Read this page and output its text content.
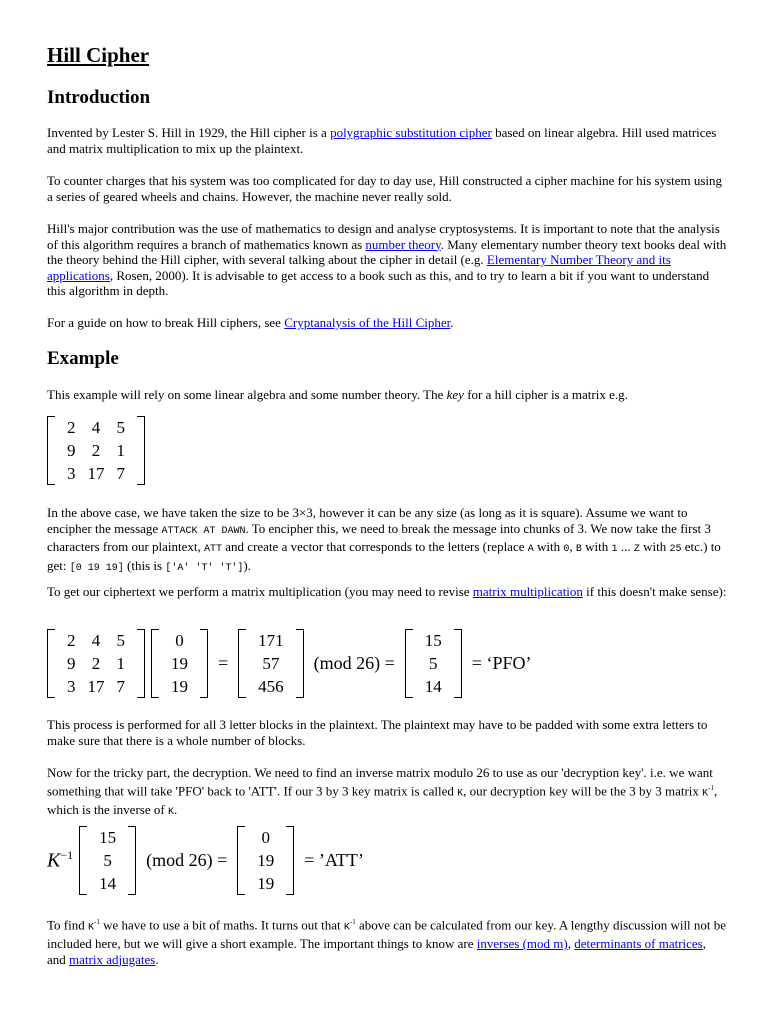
Hill Cipher
Introduction

Invented by Lester S. Hill in 1929, the Hill cipher is a polygraphic substitution cipher based on linear algebra. Hill used matrices and matrix multiplication to mix up the plaintext.

To counter charges that his system was too complicated for day to day use, Hill constructed a cipher machine for his system using a series of geared wheels and chains. However, the machine never really sold.

Hill's major contribution was the use of mathematics to design and analyse cryptosystems. It is important to note that the analysis of this algorithm requires a branch of mathematics known as number theory. Many elementary number theory text books deal with the theory behind the Hill cipher, with several talking about the cipher in detail (e.g. Elementary Number Theory and its applications, Rosen, 2000). It is advisable to get access to a book such as this, and to try to learn a bit if you want to understand this algorithm in depth.

For a guide on how to break Hill ciphers, see Cryptanalysis of the Hill Cipher.

Example

This example will rely on some linear algebra and some number theory. The key for a hill cipher is a matrix e.g.

2	4	5
9	2	1
3	17	7

In the above case, we have taken the size to be 3×3, however it can be any size (as long as it is square). Assume we want to encipher the message ATTACK AT DAWN. To encipher this, we need to break the message into chunks of 3. We now take the first 3 characters from our plaintext, ATT and create a vector that corresponds to the letters (replace A with 0, B with 1 ... Z with 25 etc.) to get: [0 19 19] (this is ['A' 'T' 'T']).

To get our ciphertext we perform a matrix multiplication (you may need to revise matrix multiplication if this doesn't make sense):

2	4	5
9	2	1
3	17	7
0
19
19
=
171
57
456
(mod 26) =
15
5
14
= ‘PFO’

This process is performed for all 3 letter blocks in the plaintext. The plaintext may have to be padded with some extra letters to make sure that there is a whole number of blocks.

Now for the tricky part, the decryption. We need to find an inverse matrix modulo 26 to use as our 'decryption key'. i.e. we want something that will take 'PFO' back to 'ATT'. If our 3 by 3 key matrix is called K, our decryption key will be the 3 by 3 matrix $K^{-1}$, which is the inverse of K.

$K^{-1}$
15
5
14
(mod 26) =
0
19
19
= ’ATT’

To find $K^{-1}$ we have to use a bit of maths. It turns out that $K^{-1}$ above can be calculated from our key. A lengthy discussion will not be included here, but we will give a short example. The important things to know are inverses (mod m), determinants of matrices, and matrix adjugates.
